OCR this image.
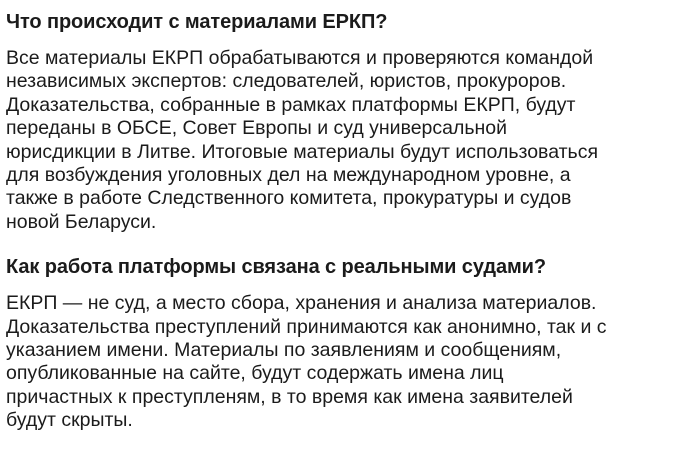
Что происходит с материалами ЕРКП?

Все материалы ЕКРП обрабатываются и проверяются командой
независимых экспертов: следователей, юристов, прокуроров.
Доказательства, собранные в рамках платформы ЕКРП, будут
переданы в ОБСЕ, Совет Европы и суд универсальной
юрисдикции в Литве. Итоговые материалы будут использоваться
для возбуждения уголовных дел на международном уровне, а
также в работе Следственного комитета, прокуратуры и судов
новой Беларуси.

Как работа платформы связана с реальными судами?

ЕКРП — не суд, а место сбора, хранения и анализа материалов.
Доказательства преступлений принимаются как анонимно, так и с
указанием имени. Материалы по заявлениям и сообщениям,
опубликованные на сайте, будут содержать имена лиц
причастных к преступленям, в то время как имена заявителей
будут скрыты.
